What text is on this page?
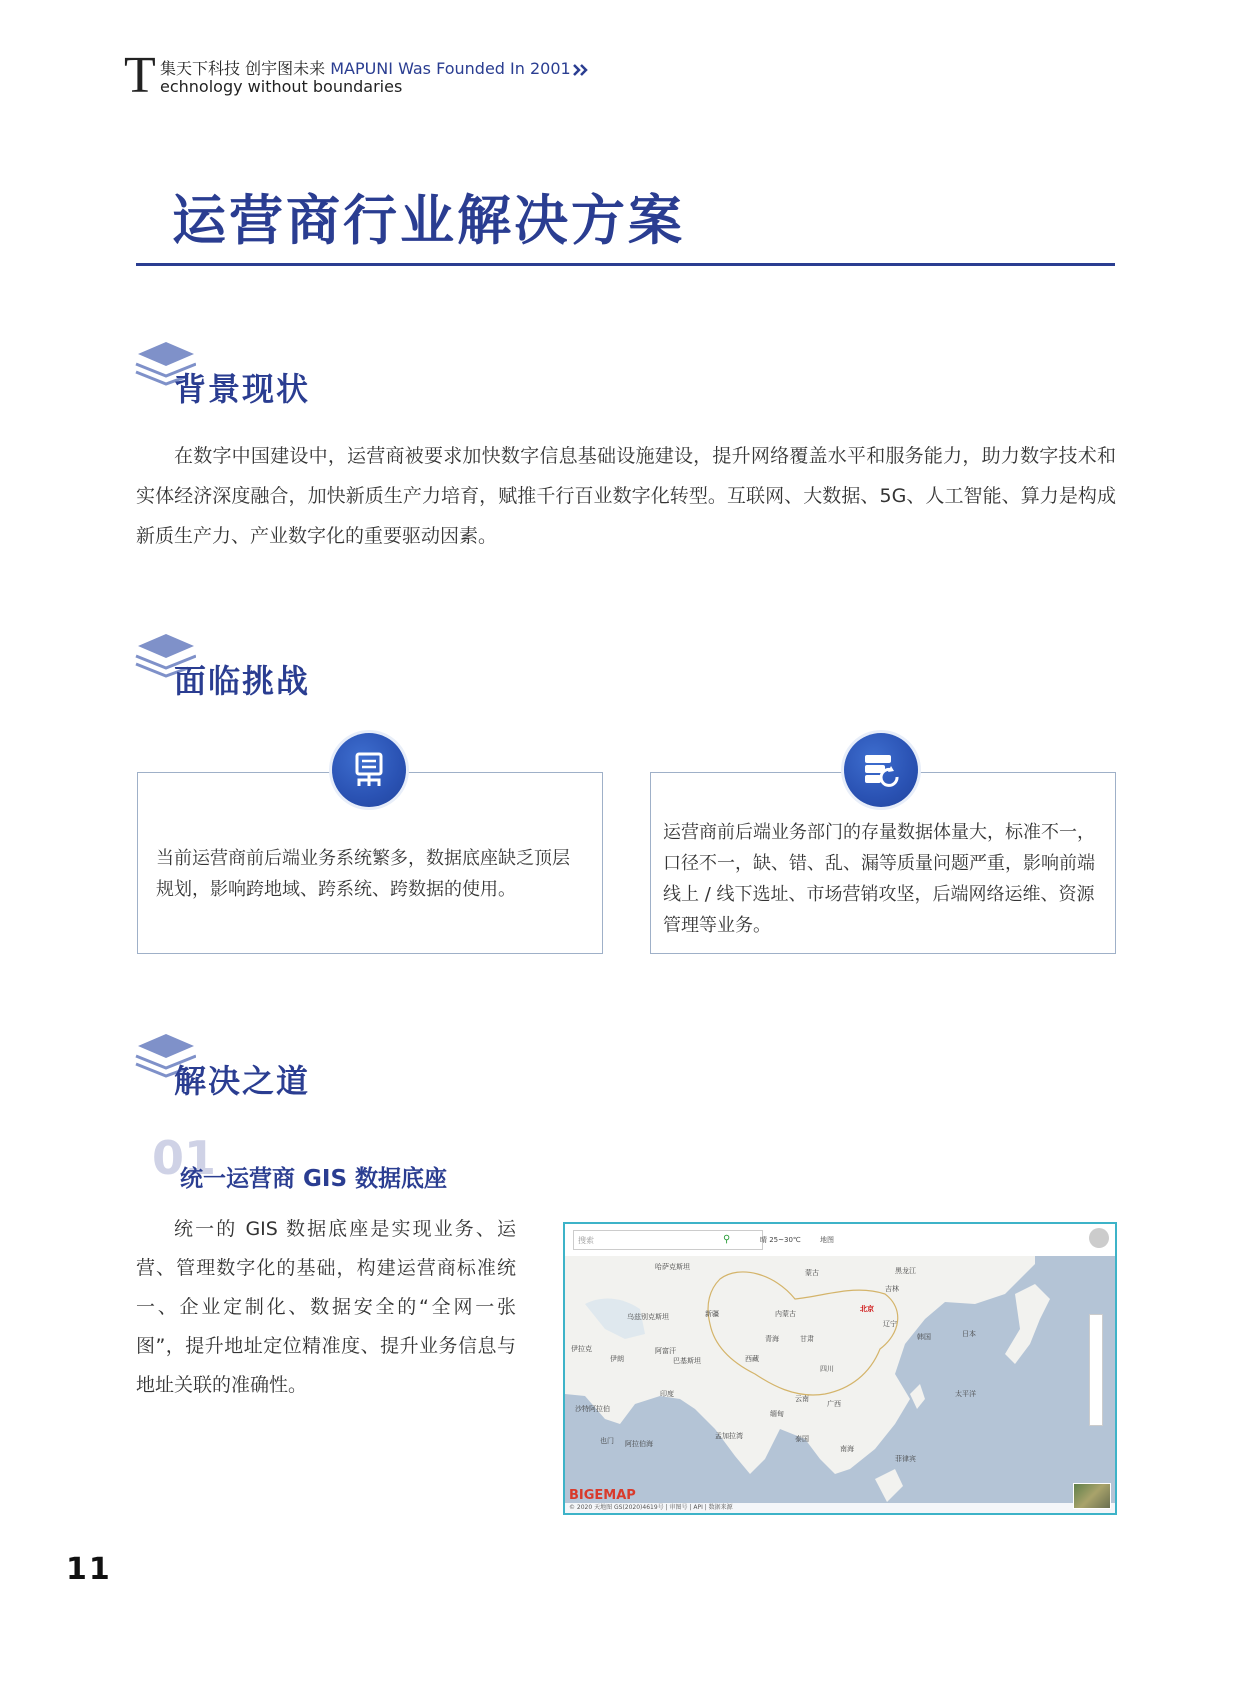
T 集天下科技 创宇图未来 MAPUNI Was Founded In 2001
echnology without boundaries
运营商行业解决方案
背景现状

在数字中国建设中，运营商被要求加快数字信息基础设施建设，提升网络覆盖水平和服务能力，助力数字技术和实体经济深度融合，加快新质生产力培育，赋推千行百业数字化转型。互联网、大数据、5G、人工智能、算力是构成新质生产力、产业数字化的重要驱动因素。

面临挑战
当前运营商前后端业务系统繁多，数据底座缺乏顶层规划，影响跨地域、跨系统、跨数据的使用。
运营商前后端业务部门的存量数据体量大，标准不一，口径不一，缺、错、乱、漏等质量问题严重，影响前端线上 / 线下选址、市场营销攻坚，后端网络运维、资源管理等业务。
解决之道
01
统一运营商 GIS 数据底座
统一的 GIS 数据底座是实现业务、运营、管理数字化的基础，构建运营商标准统一、企业定制化、数据安全的“全网一张图”，提升地址定位精准度、提升业务信息与地址关联的准确性。
搜索	⚲	晴 25~30℃	地图
哈萨克斯坦
蒙古	黑龙江
北京
乌兹别克斯坦	新疆	内蒙古
吉林
辽宁
日本
韩国
伊拉克
伊朗
阿富汗
巴基斯坦	西藏
四川
印度
缅甸
孟加拉湾	泰国
南海
阿拉伯海
太平洋
沙特阿拉伯
也门
青海	甘肃
云南
广西
菲律宾
BIGEMAP
© 2020 天地图 GS(2020)4619号 | 审图号 | API | 数据来源
11
